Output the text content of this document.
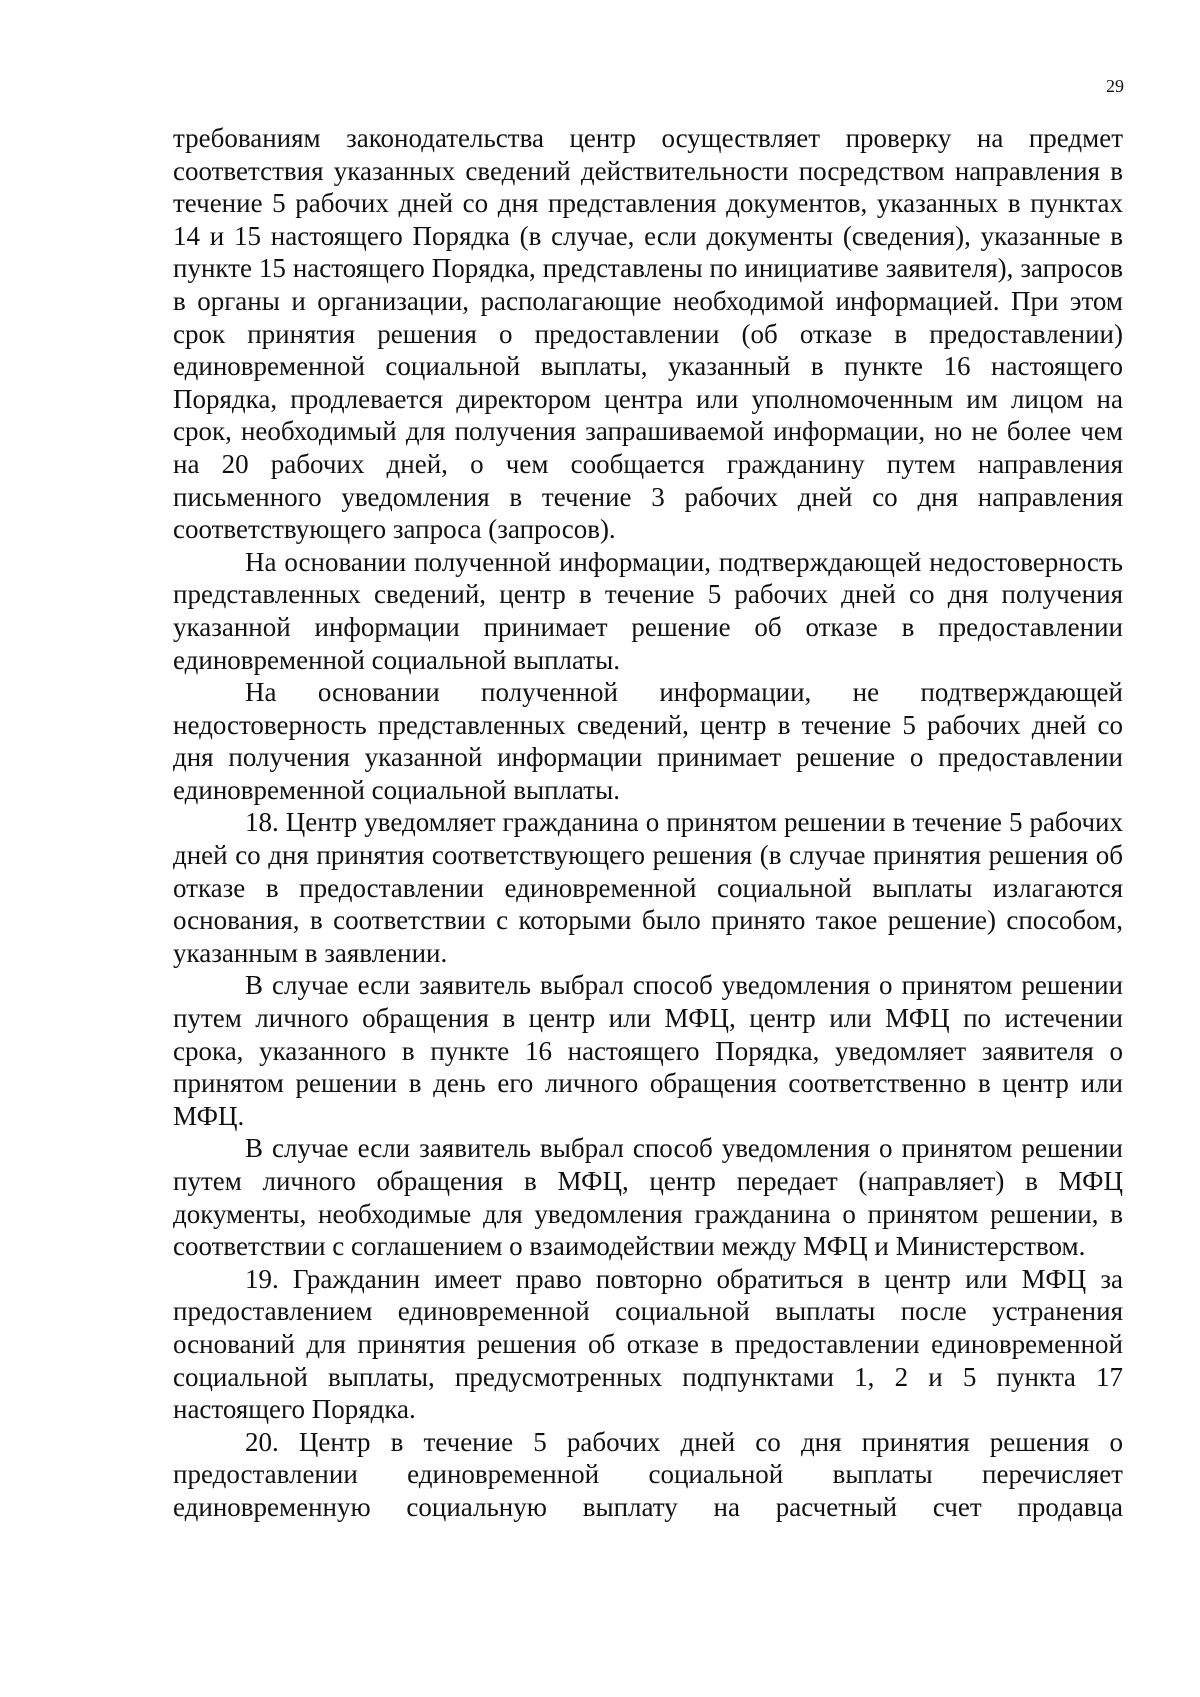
29

требованиям законодательства центр осуществляет проверку на предмет соответствия указанных сведений действительности посредством направления в течение 5 рабочих дней со дня представления документов, указанных в пунктах 14 и 15 настоящего Порядка (в случае, если документы (сведения), указанные в пункте 15 настоящего Порядка, представлены по инициативе заявителя), запросов в органы и организации, располагающие необходимой информацией. При этом срок принятия решения о предоставлении (об отказе в предоставлении) единовременной социальной выплаты, указанный в пункте 16 настоящего Порядка, продлевается директором центра или уполномоченным им лицом на срок, необходимый для получения запрашиваемой информации, но не более чем на 20 рабочих дней, о чем сообщается гражданину путем направления письменного уведомления в течение 3 рабочих дней со дня направления соответствующего запроса (запросов).

На основании полученной информации, подтверждающей недостоверность представленных сведений, центр в течение 5 рабочих дней со дня получения указанной информации принимает решение об отказе в предоставлении единовременной социальной выплаты.

На основании полученной информации, не подтверждающей недостоверность представленных сведений, центр в течение 5 рабочих дней со дня получения указанной информации принимает решение о предоставлении единовременной социальной выплаты.

18. Центр уведомляет гражданина о принятом решении в течение 5 рабочих дней со дня принятия соответствующего решения (в случае принятия решения об отказе в предоставлении единовременной социальной выплаты излагаются основания, в соответствии с которыми было принято такое решение) способом, указанным в заявлении.

В случае если заявитель выбрал способ уведомления о принятом решении путем личного обращения в центр или МФЦ, центр или МФЦ по истечении срока, указанного в пункте 16 настоящего Порядка, уведомляет заявителя о принятом решении в день его личного обращения соответственно в центр или МФЦ.

В случае если заявитель выбрал способ уведомления о принятом решении путем личного обращения в МФЦ, центр передает (направляет) в МФЦ документы, необходимые для уведомления гражданина о принятом решении, в соответствии с соглашением о взаимодействии между МФЦ и Министерством.

19. Гражданин имеет право повторно обратиться в центр или МФЦ за предоставлением единовременной социальной выплаты после устранения оснований для принятия решения об отказе в предоставлении единовременной социальной выплаты, предусмотренных подпунктами 1, 2 и 5 пункта 17 настоящего Порядка.

20. Центр в течение 5 рабочих дней со дня принятия решения о предоставлении единовременной социальной выплаты перечисляет единовременную социальную выплату на расчетный счет продавца
